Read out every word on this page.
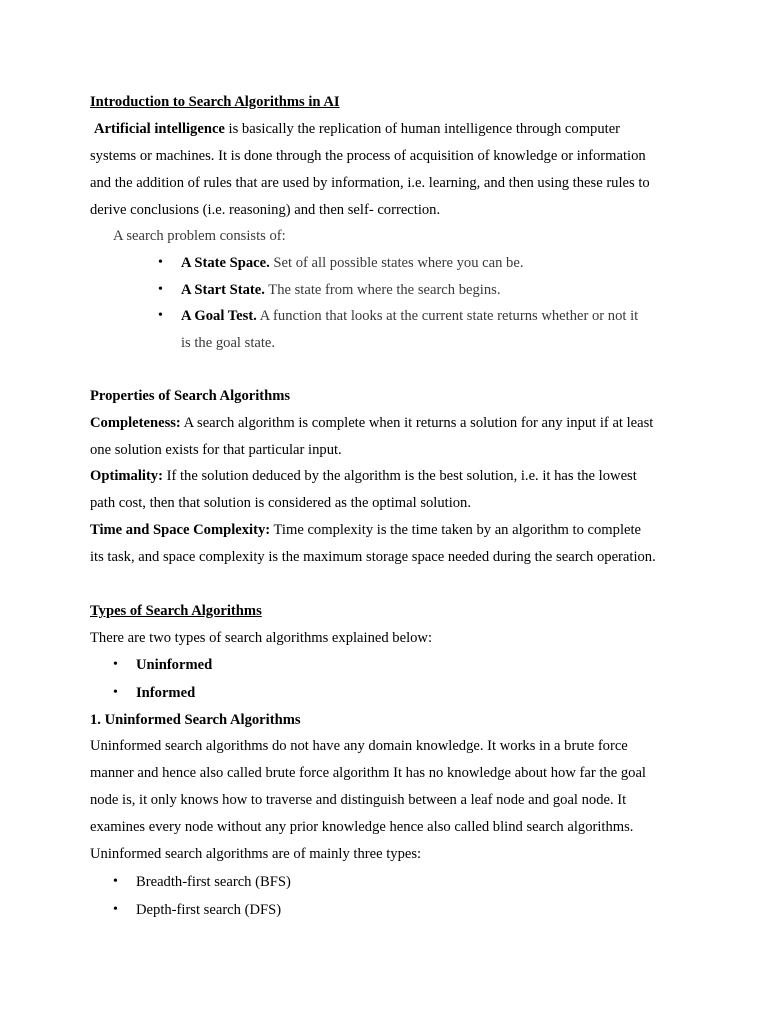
Introduction to Search Algorithms in AI
Artificial intelligence is basically the replication of human intelligence through computer
systems or machines. It is done through the process of acquisition of knowledge or information
and the addition of rules that are used by information, i.e. learning, and then using these rules to
derive conclusions (i.e. reasoning) and then self- correction.
A search problem consists of:
• A State Space. Set of all possible states where you can be.
• A Start State. The state from where the search begins.
• A Goal Test. A function that looks at the current state returns whether or not it
is the goal state.
Properties of Search Algorithms
Completeness: A search algorithm is complete when it returns a solution for any input if at least
one solution exists for that particular input.
Optimality: If the solution deduced by the algorithm is the best solution, i.e. it has the lowest
path cost, then that solution is considered as the optimal solution.
Time and Space Complexity: Time complexity is the time taken by an algorithm to complete
its task, and space complexity is the maximum storage space needed during the search operation.
Types of Search Algorithms
There are two types of search algorithms explained below:
• Uninformed
• Informed
1. Uninformed Search Algorithms
Uninformed search algorithms do not have any domain knowledge. It works in a brute force
manner and hence also called brute force algorithm It has no knowledge about how far the goal
node is, it only knows how to traverse and distinguish between a leaf node and goal node. It
examines every node without any prior knowledge hence also called blind search algorithms.
Uninformed search algorithms are of mainly three types:
• Breadth-first search (BFS)
• Depth-first search (DFS)
